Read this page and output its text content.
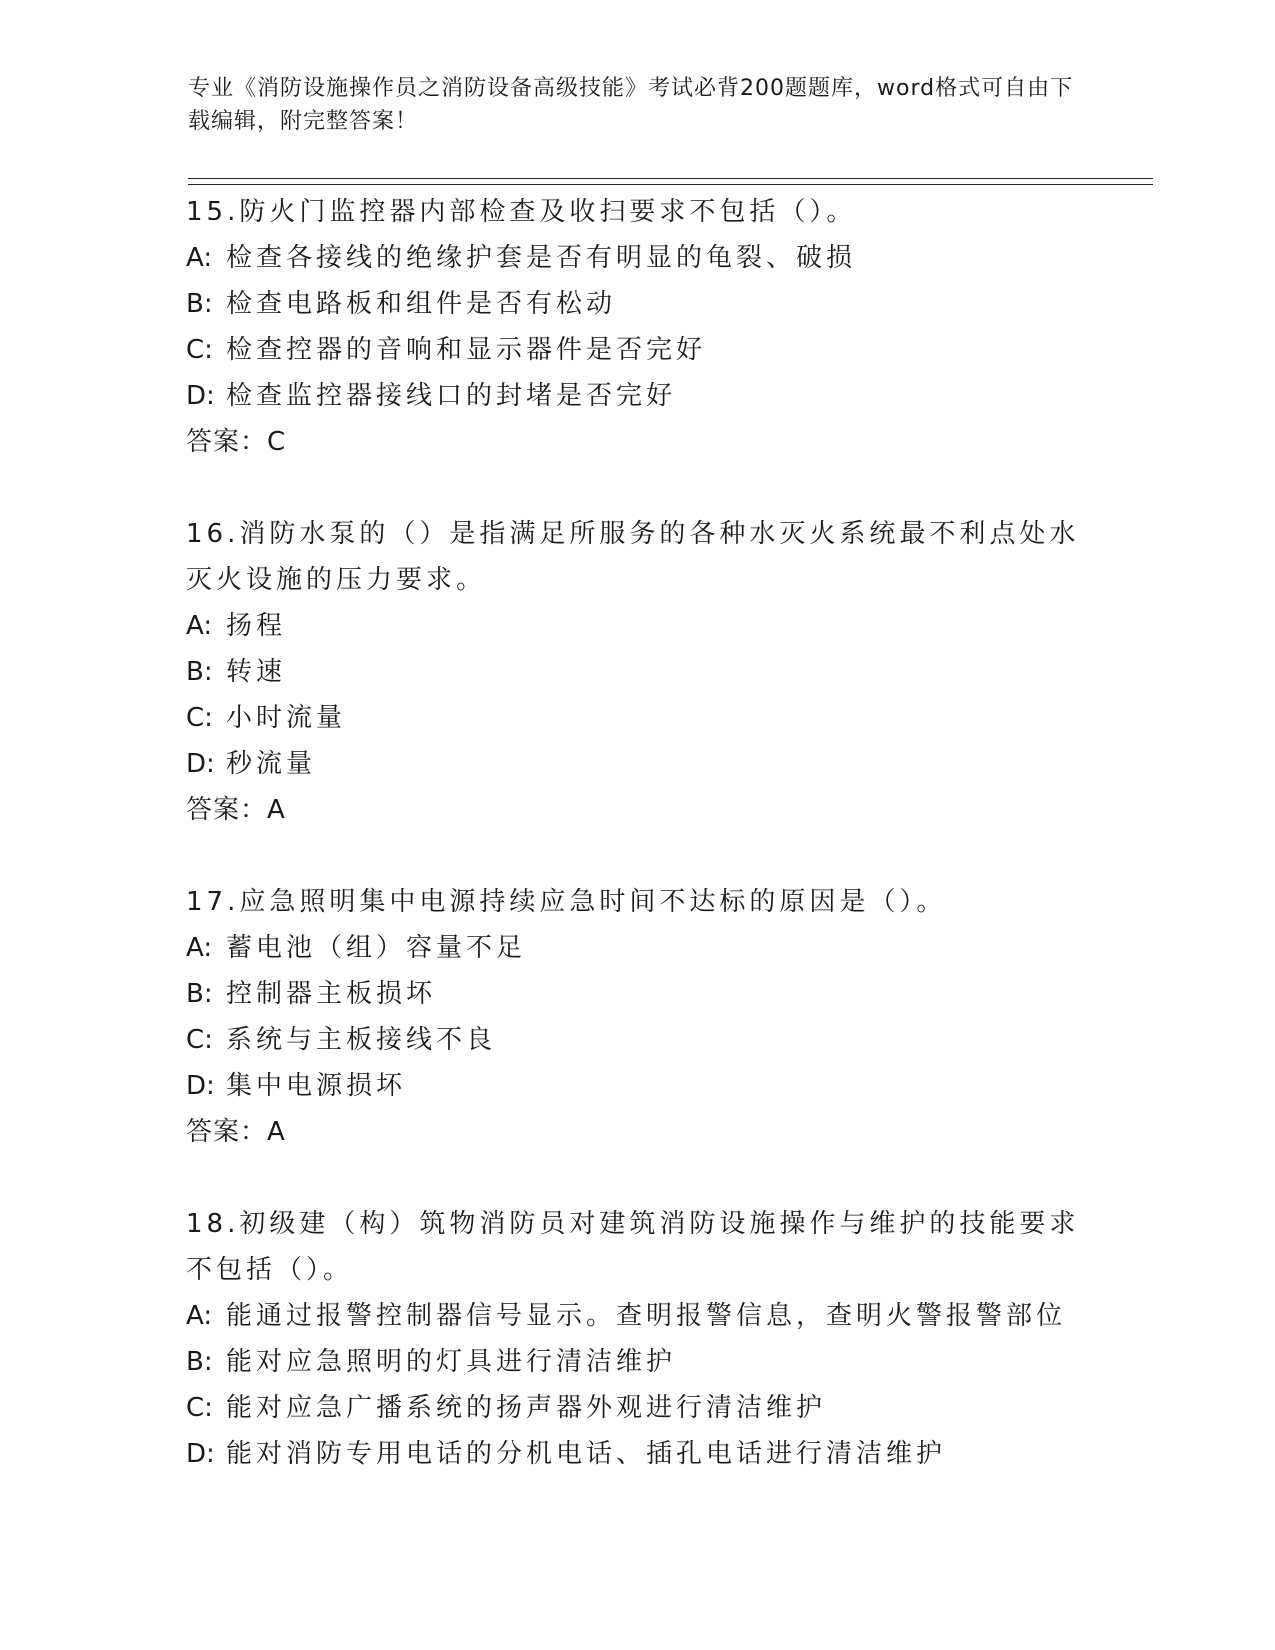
专业《消防设施操作员之消防设备高级技能》考试必背200题题库，word格式可自由下载编辑，附完整答案！
15.防火门监控器内部检查及收扫要求不包括（）。
A: 检查各接线的绝缘护套是否有明显的龟裂、破损
B: 检查电路板和组件是否有松动
C: 检查控器的音响和显示器件是否完好
D: 检查监控器接线口的封堵是否完好
答案：C
16.消防水泵的（）是指满足所服务的各种水灭火系统最不利点处水灭火设施的压力要求。
A: 扬程
B: 转速
C: 小时流量
D: 秒流量
答案：A
17.应急照明集中电源持续应急时间不达标的原因是（）。
A: 蓄电池（组）容量不足
B: 控制器主板损坏
C: 系统与主板接线不良
D: 集中电源损坏
答案：A
18.初级建（构）筑物消防员对建筑消防设施操作与维护的技能要求不包括（）。
A: 能通过报警控制器信号显示。查明报警信息，查明火警报警部位
B: 能对应急照明的灯具进行清洁维护
C: 能对应急广播系统的扬声器外观进行清洁维护
D: 能对消防专用电话的分机电话、插孔电话进行清洁维护
